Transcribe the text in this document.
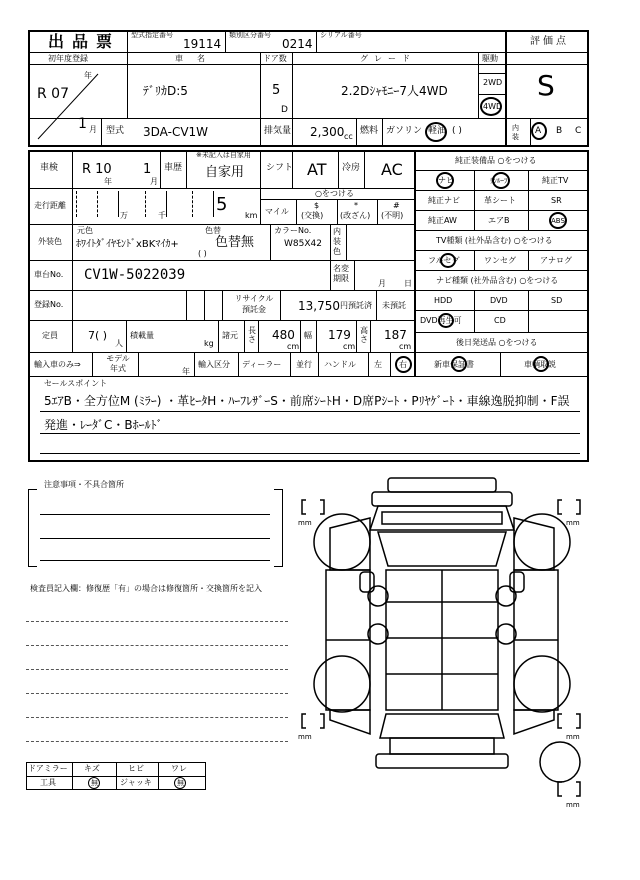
出品票 型式指定番号
19114
類別区分番号
0214
シリアル番号
評価点
S
初年度登録	車名	ドア数	グレード	駆動
年
R 07
1 月
ﾃﾞﾘｶD:5	5
D
2.2Dｼｬﾓﾆｰ7人4WD
2WD
4WD
型式 3DA-CV1W	排気量 2,300 cc
燃料 ガソリン 軽油 ( )	内装
A B C
車検 R 10
年
1
月
車歴
※未記入は自家用
自家用 シフト AT 冷房 AC
走行距離
万	千
5
km
○をつける
マイル
$
(交換)
*
(改ざん)
#
(不明)
外装色
元色
ﾎﾜｲﾄﾀﾞｲﾔﾓﾝﾄﾞxBKﾏｲｶ+
色替
色替無
( )
カラーNo.
W85X42
内装色
車台No. CV1W-5022039	名変期限
月 日
登録No.
リサイクル預託金	13,750 円預託済 未預託
定員	7( )
人
積載量
kg
諸元
長さ 480
cm
幅 179
cm
高さ 187
cm
輸入車のみ⇒
モデル年式	年
輸入区分 ディーラー 並行 ハンドル 左 右
純正装備品 ○をつける
ナビ	ｻﾝﾙｰﾌ	純正TV
純正ナビ	革シート	SR
純正AW	エアB	ABS
TV種類 (社外品含む) ○をつける
フルセグ	ワンセグ	アナログ
ナビ種類 (社外品含む) ○をつける
HDD	DVD	SD
DVD再生可	CD
後日発送品 ○をつける
新車保証書	車輌取説
セールスポイント
5ｴｱB・全方位M (ﾐﾗｰ) ・革ﾋｰﾀH・ﾊｰﾌﾚｻﾞｰS・前席ｼｰﾄH・D席Pｼｰﾄ・Pﾘﾔｹﾞｰﾄ・車線逸脱抑制・F誤
発進・ﾚｰﾀﾞC・Bﾎｰﾙﾄﾞ
注意事項・不具合箇所
検査員記入欄：修復歴「有」の場合は修復箇所・交換箇所を記入
ドアミラー キズ	ヒビ	ワレ
工具	無	ジャッキ	無
mm	mm
mm	mm
mm
